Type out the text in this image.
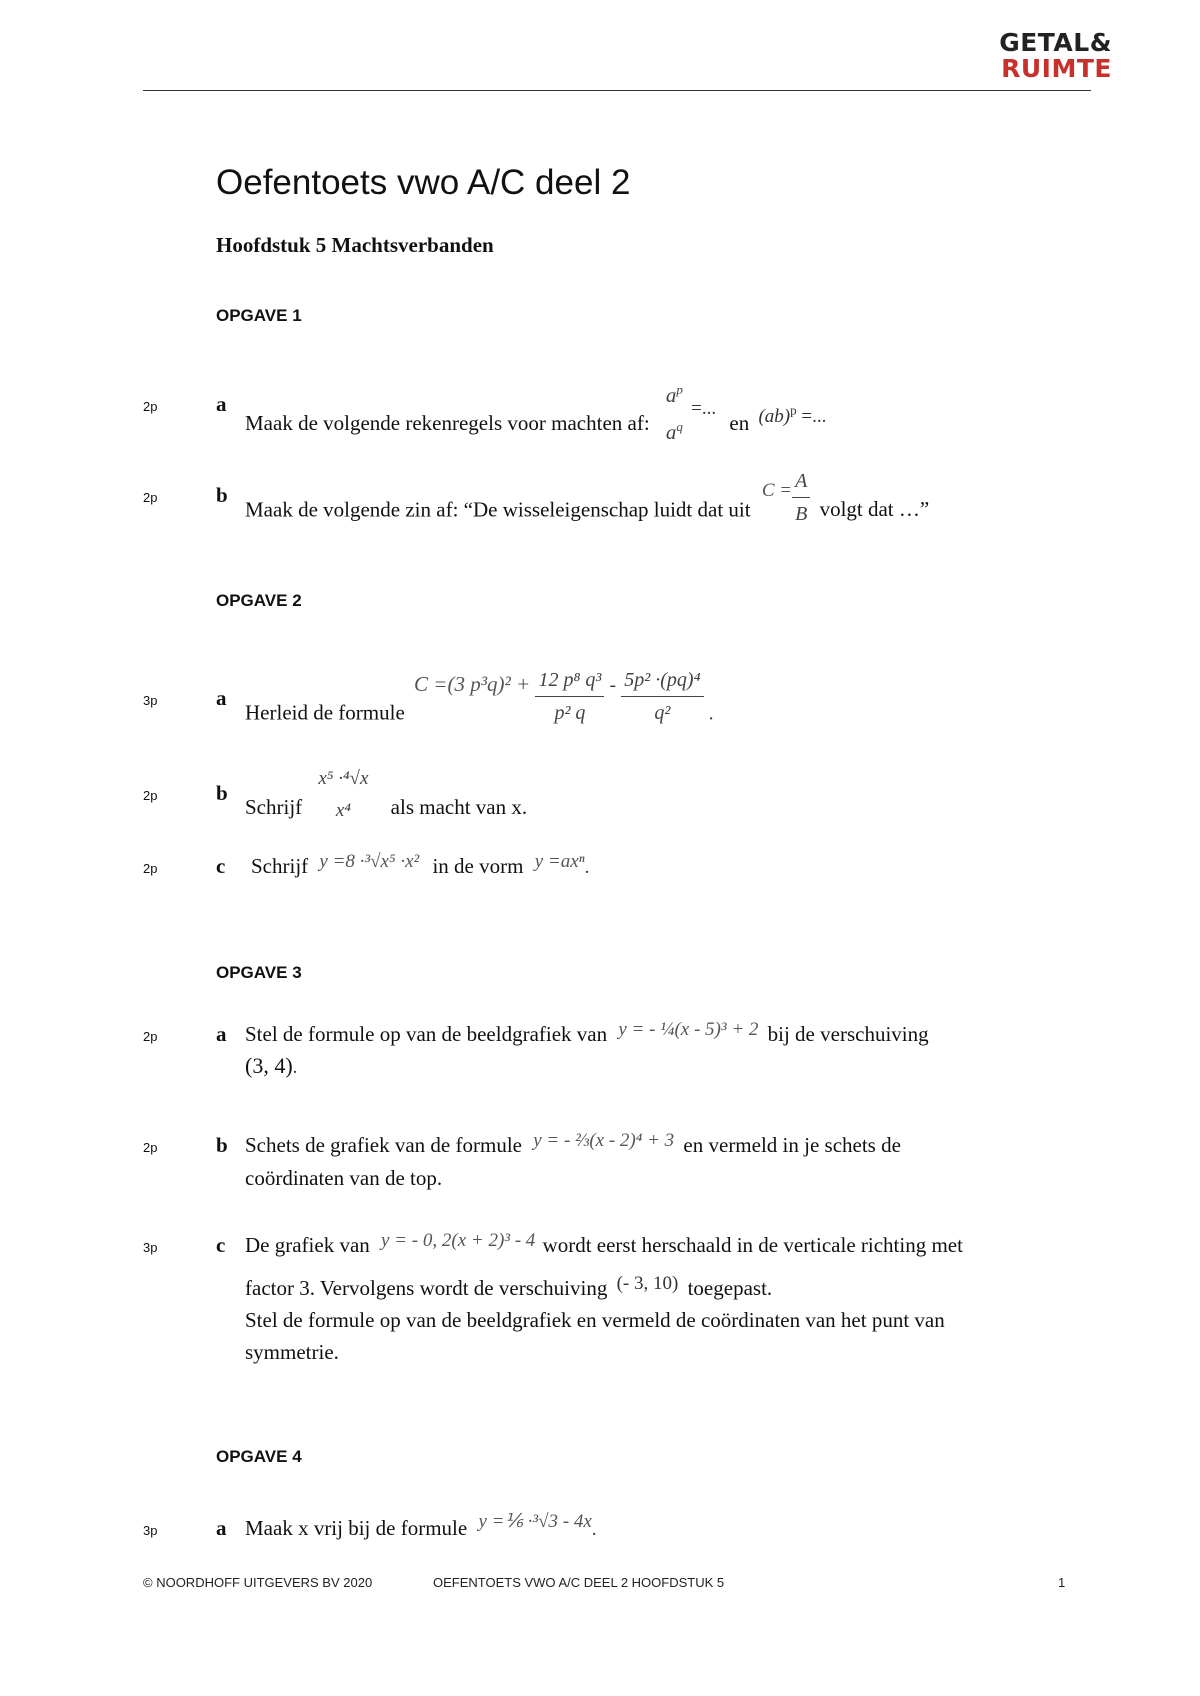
GETAL&
RUIMTE
Oefentoets vwo A/C deel 2
Hoofdstuk 5 Machtsverbanden
OPGAVE 1
2p	a
Maak de volgende rekenregels voor machten af:
$a^p$
$a^q$
=... en (ab)$^p$ =...
2p	b
Maak de volgende zin af: “De wisseleigenschap luidt dat uit $C = \frac{A}{B}$ volgt dat …”
OPGAVE 2
3p	a
Herleid de formule C =(3 $p^3q)^2 + \frac{\text{12 p⁸ q³}}{\text{p² q}} - \frac{\text{5p² ·(pq)⁴}}{\text{q²}}$ .
2p	b
Schrijf
x⁵ ·⁴√x
x⁴	als macht van x.
2p	c Schrijf y =8 ·³√x⁵ ·x² in de vorm y =axⁿ.
OPGAVE 3
2p	a Stel de formule op van de beeldgrafiek van y = - ¼(x - 5)³ + 2 bij de verschuiving
(3, 4).
2p	b Schets de grafiek van de formule y = - ⅔(x - 2)⁴ + 3 en vermeld in je schets de
coördinaten van de top.
3p	c De grafiek van y = - 0, 2(x + 2)³ - 4 wordt eerst herschaald in de verticale richting met
factor 3. Vervolgens wordt de verschuiving (- 3, 10) toegepast.
Stel de formule op van de beeldgrafiek en vermeld de coördinaten van het punt van
symmetrie.
OPGAVE 4
3p	a Maak x vrij bij de formule y =⅙ ·³√3 - 4x.
© NOORDHOFF UITGEVERS BV 2020	OEFENTOETS VWO A/C DEEL 2 HOOFDSTUK 5	1
